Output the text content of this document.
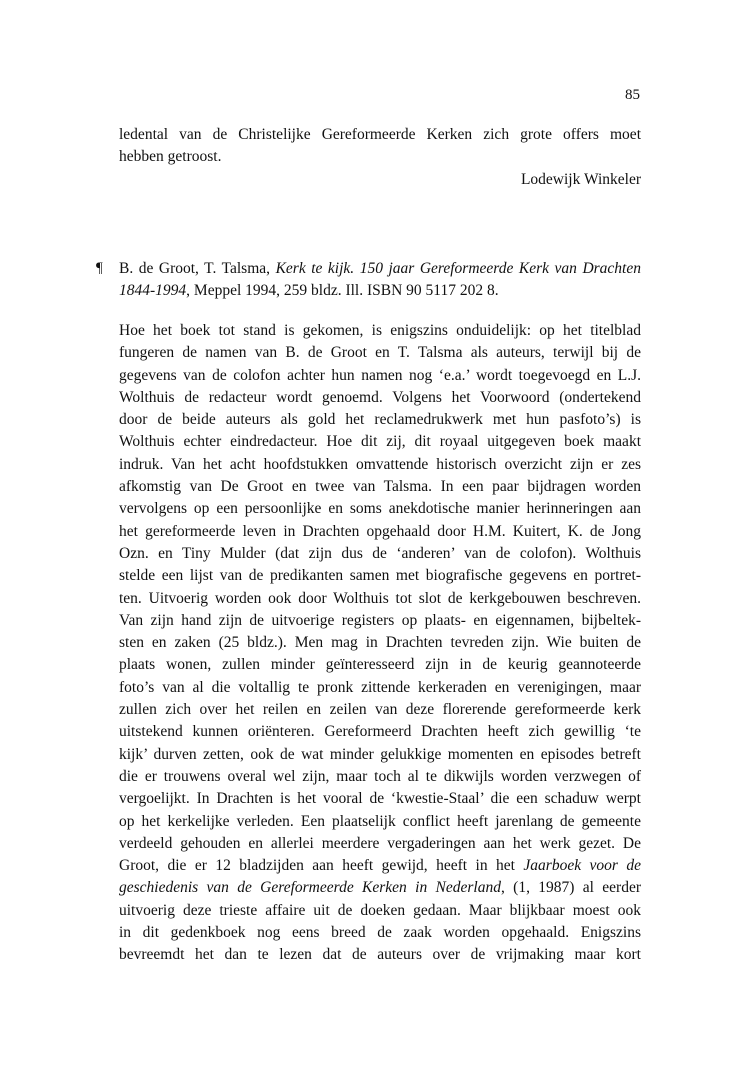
85
ledental van de Christelijke Gereformeerde Kerken zich grote offers moet
hebben getroost.
Lodewijk Winkeler
¶ B. de Groot, T. Talsma, Kerk te kijk. 150 jaar Gereformeerde Kerk van Drachten
1844-1994, Meppel 1994, 259 bldz. Ill. ISBN 90 5117 202 8.
Hoe het boek tot stand is gekomen, is enigszins onduidelijk: op het titelblad
fungeren de namen van B. de Groot en T. Talsma als auteurs, terwijl bij de
gegevens van de colofon achter hun namen nog ‘e.a.’ wordt toegevoegd en L.J.
Wolthuis de redacteur wordt genoemd. Volgens het Voorwoord (ondertekend
door de beide auteurs als gold het reclamedrukwerk met hun pasfoto’s) is
Wolthuis echter eindredacteur. Hoe dit zij, dit royaal uitgegeven boek maakt
indruk. Van het acht hoofdstukken omvattende historisch overzicht zijn er zes
afkomstig van De Groot en twee van Talsma. In een paar bijdragen worden
vervolgens op een persoonlijke en soms anekdotische manier herinneringen aan
het gereformeerde leven in Drachten opgehaald door H.M. Kuitert, K. de Jong
Ozn. en Tiny Mulder (dat zijn dus de ‘anderen’ van de colofon). Wolthuis
stelde een lijst van de predikanten samen met biografische gegevens en portret-
ten. Uitvoerig worden ook door Wolthuis tot slot de kerkgebouwen beschreven.
Van zijn hand zijn de uitvoerige registers op plaats- en eigennamen, bijbeltek-
sten en zaken (25 bldz.). Men mag in Drachten tevreden zijn. Wie buiten de
plaats wonen, zullen minder geïnteresseerd zijn in de keurig geannoteerde
foto’s van al die voltallig te pronk zittende kerkeraden en verenigingen, maar
zullen zich over het reilen en zeilen van deze florerende gereformeerde kerk
uitstekend kunnen oriënteren. Gereformeerd Drachten heeft zich gewillig ‘te
kijk’ durven zetten, ook de wat minder gelukkige momenten en episodes betreft
die er trouwens overal wel zijn, maar toch al te dikwijls worden verzwegen of
vergoelijkt. In Drachten is het vooral de ‘kwestie-Staal’ die een schaduw werpt
op het kerkelijke verleden. Een plaatselijk conflict heeft jarenlang de gemeente
verdeeld gehouden en allerlei meerdere vergaderingen aan het werk gezet. De
Groot, die er 12 bladzijden aan heeft gewijd, heeft in het Jaarboek voor de
geschiedenis van de Gereformeerde Kerken in Nederland, (1, 1987) al eerder
uitvoerig deze trieste affaire uit de doeken gedaan. Maar blijkbaar moest ook
in dit gedenkboek nog eens breed de zaak worden opgehaald. Enigszins
bevreemdt het dan te lezen dat de auteurs over de vrijmaking maar kort
